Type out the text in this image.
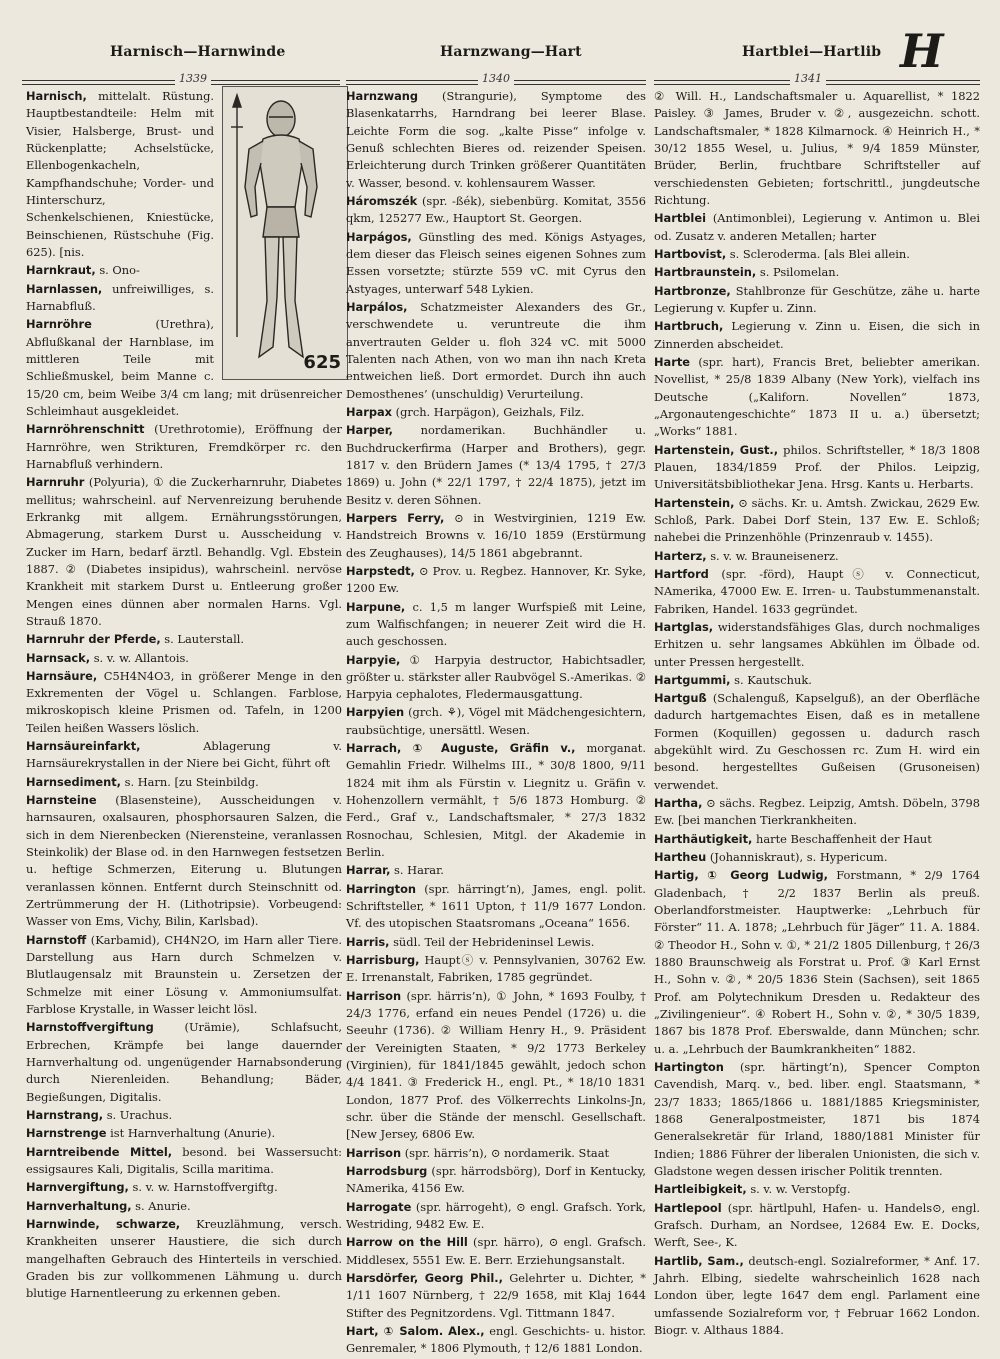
Harnisch—Harnwinde	Harnzwang—Hart	Hartblei—Hartlib H
1339	1340	1341
625

Harnisch, mittelalt. Rüstung. Hauptbestandteile: Helm mit Visier, Halsberge, Brust- und Rückenplatte; Achselstücke, Ellenbogenkacheln, Kampfhandschuhe; Vorder- und Hinterschurz, Schenkelschienen, Kniestücke, Beinschienen, Rüstschuhe (Fig. 625). [nis.

Harnkraut, s. Ono-

Harnlassen, unfreiwilliges, s. Harnabfluß.

Harnröhre (Urethra), Abflußkanal der Harnblase, im mittleren Teile mit Schließmuskel, beim Manne c. 15/20 cm, beim Weibe 3/4 cm lang; mit drüsenreicher Schleimhaut ausgekleidet.

Harnröhrenschnitt (Urethrotomie), Eröffnung der Harnröhre, wen Strikturen, Fremdkörper rc. den Harnabfluß verhindern.

Harnruhr (Polyuria), ① die Zuckerharnruhr, Diabetes mellitus; wahrscheinl. auf Nervenreizung beruhende Erkrankg mit allgem. Ernährungsstörungen, Abmagerung, starkem Durst u. Ausscheidung v. Zucker im Harn, bedarf ärztl. Behandlg. Vgl. Ebstein 1887. ② (Diabetes insipidus), wahrscheinl. nervöse Krankheit mit starkem Durst u. Entleerung großer Mengen eines dünnen aber normalen Harns. Vgl. Strauß 1870.

Harnruhr der Pferde, s. Lauterstall.

Harnsack, s. v. w. Allantois.

Harnsäure, C5H4N4O3, in größerer Menge in den Exkrementen der Vögel u. Schlangen. Farblose, mikroskopisch kleine Prismen od. Tafeln, in 1200 Teilen heißen Wassers löslich.

Harnsäureinfarkt, Ablagerung v. Harnsäurekrystallen in der Niere bei Gicht, führt oft

Harnsediment, s. Harn. [zu Steinbildg.

Harnsteine (Blasensteine), Ausscheidungen v. harnsauren, oxalsauren, phosphorsauren Salzen, die sich in dem Nierenbecken (Nierensteine, veranlassen Steinkolik) der Blase od. in den Harnwegen festsetzen u. heftige Schmerzen, Eiterung u. Blutungen veranlassen können. Entfernt durch Steinschnitt od. Zertrümmerung der H. (Lithotripsie). Vorbeugend: Wasser von Ems, Vichy, Bilin, Karlsbad).

Harnstoff (Karbamid), CH4N2O, im Harn aller Tiere. Darstellung aus Harn durch Schmelzen v. Blutlaugensalz mit Braunstein u. Zersetzen der Schmelze mit einer Lösung v. Ammoniumsulfat. Farblose Krystalle, in Wasser leicht lösl.

Harnstoffvergiftung (Urämie), Schlafsucht, Erbrechen, Krämpfe bei lange dauernder Harnverhaltung od. ungenügender Harnabsonderung durch Nierenleiden. Behandlung; Bäder, Begießungen, Digitalis.

Harnstrang, s. Urachus.

Harnstrenge ist Harnverhaltung (Anurie).

Harntreibende Mittel, besond. bei Wassersucht: essigsaures Kali, Digitalis, Scilla maritima.

Harnvergiftung, s. v. w. Harnstoffvergiftg.

Harnverhaltung, s. Anurie.

Harnwinde, schwarze, Kreuzlähmung, versch. Krankheiten unserer Haustiere, die sich durch mangelhaften Gebrauch des Hinterteils in verschied. Graden bis zur vollkommenen Lähmung u. durch blutige Harnentleerung zu erkennen geben.

Harnzwang (Strangurie), Symptome des Blasenkatarrhs, Harndrang bei leerer Blase. Leichte Form die sog. „kalte Pisse“ infolge v. Genuß schlechten Bieres od. reizender Speisen. Erleichterung durch Trinken größerer Quantitäten v. Wasser, besond. v. kohlensaurem Wasser.

Háromszék (spr. -ßék), siebenbürg. Komitat, 3556 qkm, 125277 Ew., Hauptort St. Georgen.

Harpágos, Günstling des med. Königs Astyages, dem dieser das Fleisch seines eigenen Sohnes zum Essen vorsetzte; stürzte 559 vC. mit Cyrus den Astyages, unterwarf 548 Lykien.

Harpálos, Schatzmeister Alexanders des Gr., verschwendete u. veruntreute die ihm anvertrauten Gelder u. floh 324 vC. mit 5000 Talenten nach Athen, von wo man ihn nach Kreta entweichen ließ. Dort ermordet. Durch ihn auch Demosthenes’ (unschuldig) Verurteilung.

Harpax (grch. Harpägon), Geizhals, Filz.

Harper, nordamerikan. Buchhändler u. Buchdruckerfirma (Harper and Brothers), gegr. 1817 v. den Brüdern James (* 13/4 1795, † 27/3 1869) u. John (* 22/1 1797, † 22/4 1875), jetzt im Besitz v. deren Söhnen.

Harpers Ferry, ⊙ in Westvirginien, 1219 Ew. Handstreich Browns v. 16/10 1859 (Erstürmung des Zeughauses), 14/5 1861 abgebrannt.

Harpstedt, ⊙ Prov. u. Regbez. Hannover, Kr. Syke, 1200 Ew.

Harpune, c. 1,5 m langer Wurfspieß mit Leine, zum Walfischfangen; in neuerer Zeit wird die H. auch geschossen.

Harpyie, ① Harpyia destructor, Habichtsadler, größter u. stärkster aller Raubvögel S.-Amerikas. ② Harpyia cephalotes, Fledermausgattung.

Harpyien (grch. ⚘), Vögel mit Mädchengesichtern, raubsüchtige, unersättl. Wesen.

Harrach, ① Auguste, Gräfin v., morganat. Gemahlin Friedr. Wilhelms III., * 30/8 1800, 9/11 1824 mit ihm als Fürstin v. Liegnitz u. Gräfin v. Hohenzollern vermählt, † 5/6 1873 Homburg. ② Ferd., Graf v., Landschaftsmaler, * 27/3 1832 Rosnochau, Schlesien, Mitgl. der Akademie in Berlin.

Harrar, s. Harar.

Harrington (spr. härringt’n), James, engl. polit. Schriftsteller, * 1611 Upton, † 11/9 1677 London. Vf. des utopischen Staatsromans „Oceana“ 1656.

Harris, südl. Teil der Hebrideninsel Lewis.

Harrisburg, Hauptⓢ v. Pennsylvanien, 30762 Ew. E. Irrenanstalt, Fabriken, 1785 gegründet.

Harrison (spr. härris’n), ① John, * 1693 Foulby, † 24/3 1776, erfand ein neues Pendel (1726) u. die Seeuhr (1736). ② William Henry H., 9. Präsident der Vereinigten Staaten, * 9/2 1773 Berkeley (Virginien), für 1841/1845 gewählt, jedoch schon 4/4 1841. ③ Frederick H., engl. Pt., * 18/10 1831 London, 1877 Prof. des Völkerrechts Linkolns-Jn, schr. über die Stände der menschl. Gesellschaft. [New Jersey, 6806 Ew.

Harrison (spr. härris’n), ⊙ nordamerik. Staat

Harrodsburg (spr. härrodsbörg), Dorf in Kentucky, NAmerika, 4156 Ew.

Harrogate (spr. härrogeht), ⊙ engl. Grafsch. York, Westriding, 9482 Ew. E.

Harrow on the Hill (spr. härro), ⊙ engl. Grafsch. Middlesex, 5551 Ew. E. Berr. Erziehungsanstalt.

Harsdörfer, Georg Phil., Gelehrter u. Dichter, * 1/11 1607 Nürnberg, † 22/9 1658, mit Klaj 1644 Stifter des Pegnitzordens. Vgl. Tittmann 1847.

Hart, ① Salom. Alex., engl. Geschichts- u. histor. Genremaler, * 1806 Plymouth, † 12/6 1881 London.

② Will. H., Landschaftsmaler u. Aquarellist, * 1822 Paisley. ③ James, Bruder v. ②, ausgezeichn. schott. Landschaftsmaler, * 1828 Kilmarnock. ④ Heinrich H., * 30/12 1855 Wesel, u. Julius, * 9/4 1859 Münster, Brüder, Berlin, fruchtbare Schriftsteller auf verschiedensten Gebieten; fortschrittl., jungdeutsche Richtung.

Hartblei (Antimonblei), Legierung v. Antimon u. Blei od. Zusatz v. anderen Metallen; harter

Hartbovist, s. Scleroderma. [als Blei allein.

Hartbraunstein, s. Psilomelan.

Hartbronze, Stahlbronze für Geschütze, zähe u. harte Legierung v. Kupfer u. Zinn.

Hartbruch, Legierung v. Zinn u. Eisen, die sich in Zinnerden abscheidet.

Harte (spr. hart), Francis Bret, beliebter amerikan. Novellist, * 25/8 1839 Albany (New York), vielfach ins Deutsche („Kaliforn. Novellen“ 1873, „Argonautengeschichte“ 1873 II u. a.) übersetzt; „Works“ 1881.

Hartenstein, Gust., philos. Schriftsteller, * 18/3 1808 Plauen, 1834/1859 Prof. der Philos. Leipzig, Universitätsbibliothekar Jena. Hrsg. Kants u. Herbarts.

Hartenstein, ⊙ sächs. Kr. u. Amtsh. Zwickau, 2629 Ew. Schloß, Park. Dabei Dorf Stein, 137 Ew. E. Schloß; nahebei die Prinzenhöhle (Prinzenraub v. 1455).

Harterz, s. v. w. Brauneisenerz.

Hartford (spr. -förd), Hauptⓢ v. Connecticut, NAmerika, 47000 Ew. E. Irren- u. Taubstummenanstalt. Fabriken, Handel. 1633 gegründet.

Hartglas, widerstandsfähiges Glas, durch nochmaliges Erhitzen u. sehr langsames Abkühlen im Ölbade od. unter Pressen hergestellt.

Hartgummi, s. Kautschuk.

Hartguß (Schalenguß, Kapselguß), an der Oberfläche dadurch hartgemachtes Eisen, daß es in metallene Formen (Koquillen) gegossen u. dadurch rasch abgekühlt wird. Zu Geschossen rc. Zum H. wird ein besond. hergestelltes Gußeisen (Grusoneisen) verwendet.

Hartha, ⊙ sächs. Regbez. Leipzig, Amtsh. Döbeln, 3798 Ew. [bei manchen Tierkrankheiten.

Harthäutigkeit, harte Beschaffenheit der Haut

Hartheu (Johanniskraut), s. Hypericum.

Hartig, ① Georg Ludwig, Forstmann, * 2/9 1764 Gladenbach, † 2/2 1837 Berlin als preuß. Oberlandforstmeister. Hauptwerke: „Lehrbuch für Förster“ 11. A. 1878; „Lehrbuch für Jäger“ 11. A. 1884. ② Theodor H., Sohn v. ①, * 21/2 1805 Dillenburg, † 26/3 1880 Braunschweig als Forstrat u. Prof. ③ Karl Ernst H., Sohn v. ②, * 20/5 1836 Stein (Sachsen), seit 1865 Prof. am Polytechnikum Dresden u. Redakteur des „Zivilingenieur“. ④ Robert H., Sohn v. ②, * 30/5 1839, 1867 bis 1878 Prof. Eberswalde, dann München; schr. u. a. „Lehrbuch der Baumkrankheiten“ 1882.

Hartington (spr. härtingt’n), Spencer Compton Cavendish, Marq. v., bed. liber. engl. Staatsmann, * 23/7 1833; 1865/1866 u. 1881/1885 Kriegsminister, 1868 Generalpostmeister, 1871 bis 1874 Generalsekretär für Irland, 1880/1881 Minister für Indien; 1886 Führer der liberalen Unionisten, die sich v. Gladstone wegen dessen irischer Politik trennten.

Hartleibigkeit, s. v. w. Verstopfg.

Hartlepool (spr. härtlpuhl, Hafen- u. Handels⊙, engl. Grafsch. Durham, an Nordsee, 12684 Ew. E. Docks, Werft, See-, K.

Hartlib, Sam., deutsch-engl. Sozialreformer, * Anf. 17. Jahrh. Elbing, siedelte wahrscheinlich 1628 nach London über, legte 1647 dem engl. Parlament eine umfassende Sozialreform vor, † Februar 1662 London. Biogr. v. Althaus 1884.
